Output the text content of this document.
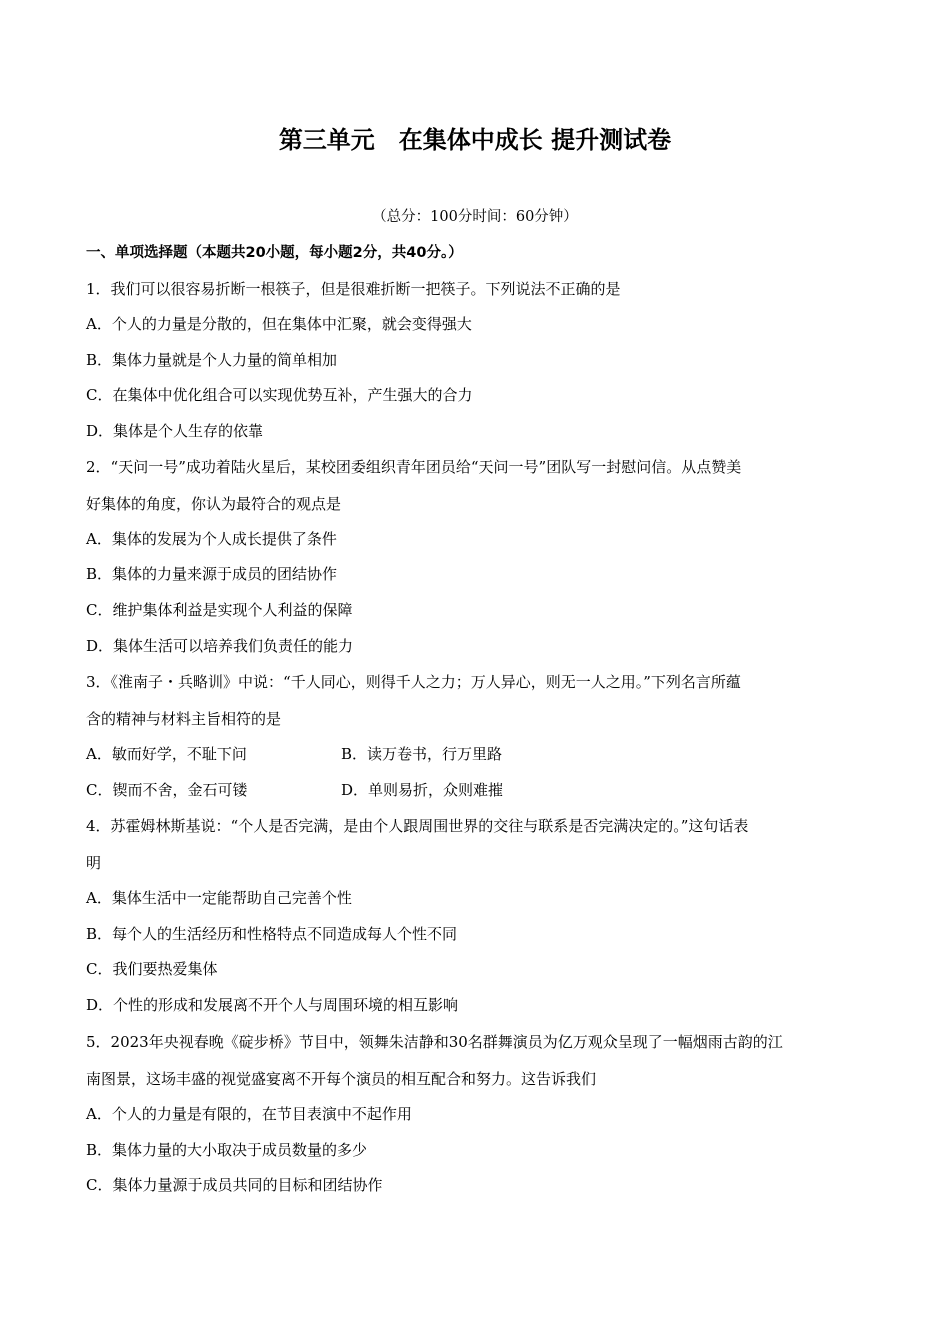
第三单元　在集体中成长 提升测试卷
（总分：100分时间：60分钟）
一、单项选择题（本题共20小题，每小题2分，共40分。）
1．我们可以很容易折断一根筷子，但是很难折断一把筷子。下列说法不正确的是
A．个人的力量是分散的，但在集体中汇聚，就会变得强大
B．集体力量就是个人力量的简单相加
C．在集体中优化组合可以实现优势互补，产生强大的合力
D．集体是个人生存的依靠
2．“天问一号”成功着陆火星后，某校团委组织青年团员给“天问一号”团队写一封慰问信。从点赞美
好集体的角度，你认为最符合的观点是
A．集体的发展为个人成长提供了条件
B．集体的力量来源于成员的团结协作
C．维护集体利益是实现个人利益的保障
D．集体生活可以培养我们负责任的能力
3．《淮南子・兵略训》中说：“千人同心，则得千人之力；万人异心，则无一人之用。”下列名言所蕴
含的精神与材料主旨相符的是
A．敏而好学，不耻下问	B．读万卷书，行万里路
C．锲而不舍，金石可镂	D．单则易折，众则难摧
4．苏霍姆林斯基说：“个人是否完满，是由个人跟周围世界的交往与联系是否完满决定的。”这句话表
明
A．集体生活中一定能帮助自己完善个性
B．每个人的生活经历和性格特点不同造成每人个性不同
C．我们要热爱集体
D．个性的形成和发展离不开个人与周围环境的相互影响
5．2023年央视春晚《碇步桥》节目中，领舞朱洁静和30名群舞演员为亿万观众呈现了一幅烟雨古韵的江
南图景，这场丰盛的视觉盛宴离不开每个演员的相互配合和努力。这告诉我们
A．个人的力量是有限的，在节目表演中不起作用
B．集体力量的大小取决于成员数量的多少
C．集体力量源于成员共同的目标和团结协作
